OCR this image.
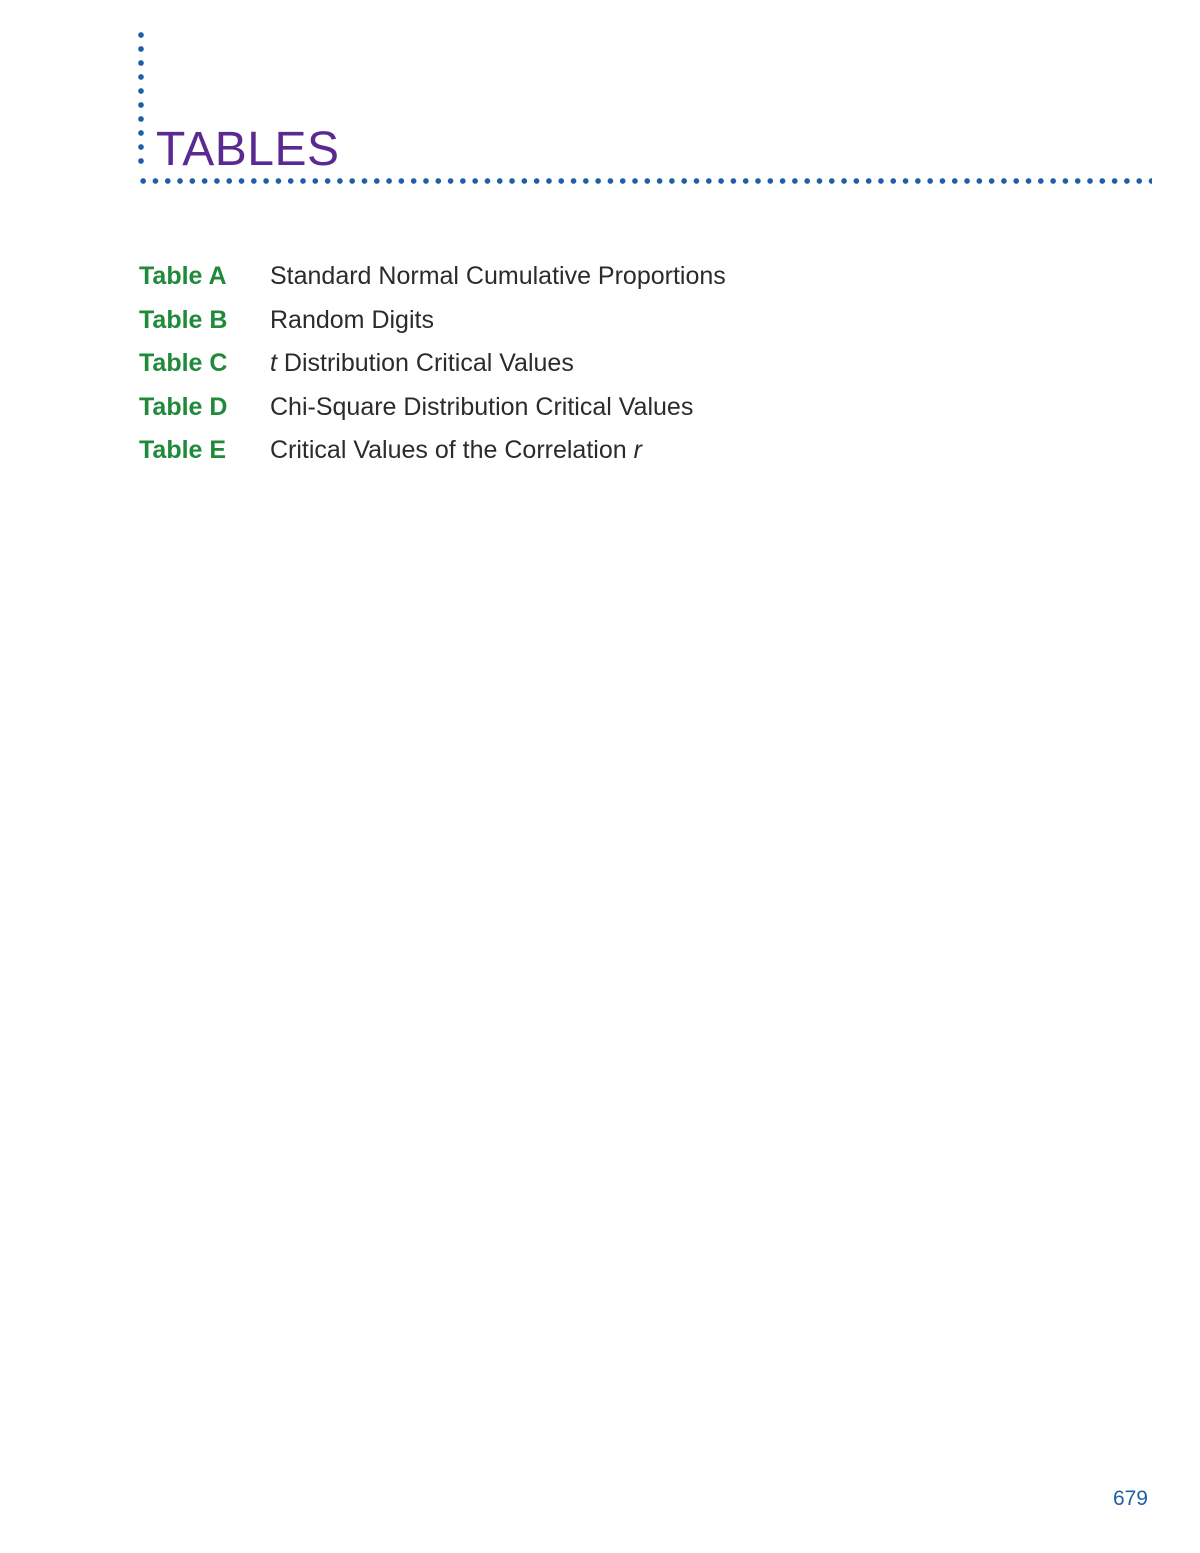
TABLES
Table A	Standard Normal Cumulative Proportions
Table B	Random Digits
Table C	t Distribution Critical Values
Table D	Chi-Square Distribution Critical Values
Table E	Critical Values of the Correlation r
679
